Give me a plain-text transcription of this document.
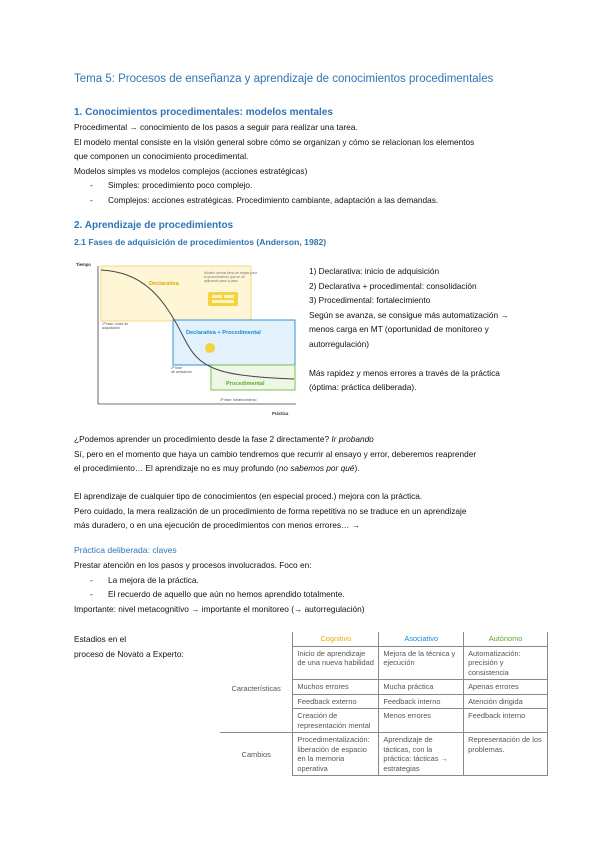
Tema 5: Procesos de enseñanza y aprendizaje de conocimientos procedimentales
1. Conocimientos procedimentales: modelos mentales
Procedimental → conocimiento de los pasos a seguir para realizar una tarea.
El modelo mental consiste en la visión general sobre cómo se organizan y cómo se relacionan los elementos
que componen un conocimiento procedimental.
Modelos simples vs modelos complejos (acciones estratégicas)
- Simples: procedimiento poco complejo.
- Complejos: acciones estratégicas. Procedimiento cambiante, adaptación a las demandas.
2. Aprendizaje de procedimientos
2.1 Fases de adquisición de procedimientos (Anderson, 1982)
Tiempo
Práctica
Declarativa
Modelo mental lleno de reglas para
el procedimiento que se va
aplicando paso a paso
Declarativa + Procedimental
Procedimental
1ª fase: inicio de
adquisición
2ª fase
de activación
3ª fase: fortalecimiento
1) Declarativa: inicio de adquisición
2) Declarativa + procedimental: consolidación
3) Procedimental: fortalecimiento
Según se avanza, se consigue más automatización →
menos carga en MT (oportunidad de monitoreo y
autorregulación)
Más rapidez y menos errores a través de la práctica
(óptima: práctica deliberada).
¿Podemos aprender un procedimiento desde la fase 2 directamente? Ir probando
Sí, pero en el momento que haya un cambio tendremos que recurrir al ensayo y error, deberemos reaprender
el procedimiento… El aprendizaje no es muy profundo (no sabemos por qué).
El aprendizaje de cualquier tipo de conocimientos (en especial proced.) mejora con la práctica.
Pero cuidado, la mera realización de un procedimiento de forma repetitiva no se traduce en un aprendizaje
más duradero, o en una ejecución de procedimientos con menos errores… →
Práctica deliberada: claves
Prestar atención en los pasos y procesos involucrados. Foco en:
- La mejora de la práctica.
- El recuerdo de aquello que aún no hemos aprendido totalmente.
Importante: nivel metacognitivo → importante el monitoreo (→ autorregulación)
Estadios en el
proceso de Novato a Experto:
	Cognitivo	Asociativo	Autónomo
Características	Inicio de aprendizaje de una nueva habilidad	Mejora de la técnica y ejecución	Automatización: precisión y consistencia
	Muchos errores	Mucha práctica	Apenas errores
	Feedback externo	Feedback interno	Atención dirigida
	Creación de representación mental	Menos errores	Feedback interno
Cambios	Procedimentalización: liberación de espacio en la memoria operativa	Aprendizaje de tácticas, con la práctica: tácticas → estrategias	Representación de los problemas.
